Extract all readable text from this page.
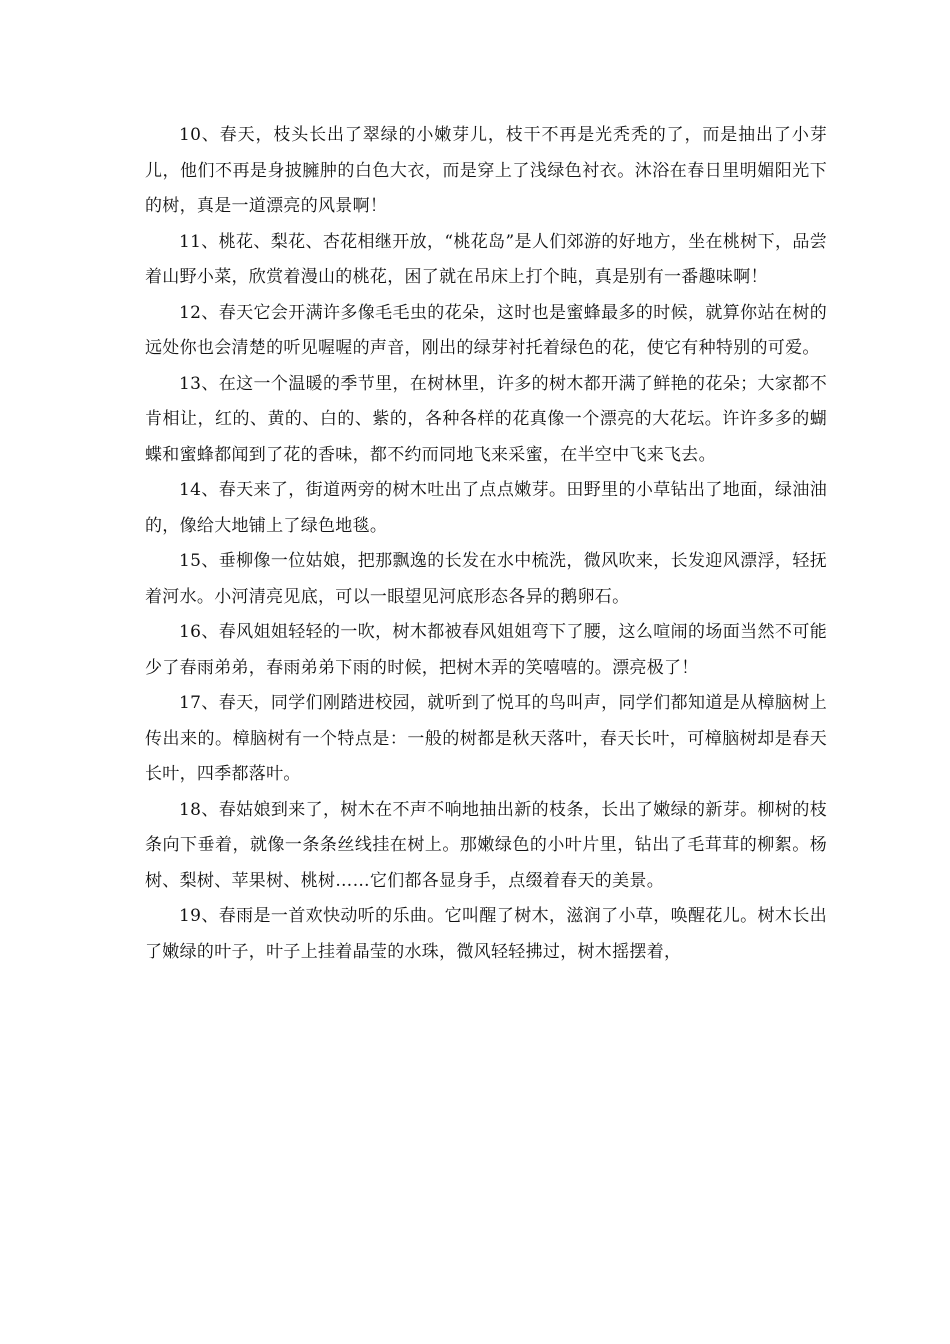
10、春天，枝头长出了翠绿的小嫩芽儿，枝干不再是光秃秃的了，而是抽出了小芽儿，他们不再是身披臃肿的白色大衣，而是穿上了浅绿色衬衣。沐浴在春日里明媚阳光下的树，真是一道漂亮的风景啊！

11、桃花、梨花、杏花相继开放，“桃花岛”是人们郊游的好地方，坐在桃树下，品尝着山野小菜，欣赏着漫山的桃花，困了就在吊床上打个盹，真是别有一番趣味啊！

12、春天它会开满许多像毛毛虫的花朵，这时也是蜜蜂最多的时候，就算你站在树的远处你也会清楚的听见喔喔的声音，刚出的绿芽衬托着绿色的花，使它有种特别的可爱。

13、在这一个温暖的季节里，在树林里，许多的树木都开满了鲜艳的花朵；大家都不肯相让，红的、黄的、白的、紫的，各种各样的花真像一个漂亮的大花坛。许许多多的蝴蝶和蜜蜂都闻到了花的香味，都不约而同地飞来采蜜，在半空中飞来飞去。

14、春天来了，街道两旁的树木吐出了点点嫩芽。田野里的小草钻出了地面，绿油油的，像给大地铺上了绿色地毯。

15、垂柳像一位姑娘，把那飘逸的长发在水中梳洗，微风吹来，长发迎风漂浮，轻抚着河水。小河清亮见底，可以一眼望见河底形态各异的鹅卵石。

16、春风姐姐轻轻的一吹，树木都被春风姐姐弯下了腰，这么喧闹的场面当然不可能少了春雨弟弟，春雨弟弟下雨的时候，把树木弄的笑嘻嘻的。漂亮极了！

17、春天，同学们刚踏进校园，就听到了悦耳的鸟叫声，同学们都知道是从樟脑树上传出来的。樟脑树有一个特点是：一般的树都是秋天落叶，春天长叶，可樟脑树却是春天长叶，四季都落叶。

18、春姑娘到来了，树木在不声不响地抽出新的枝条，长出了嫩绿的新芽。柳树的枝条向下垂着，就像一条条丝线挂在树上。那嫩绿色的小叶片里，钻出了毛茸茸的柳絮。杨树、梨树、苹果树、桃树……它们都各显身手，点缀着春天的美景。

19、春雨是一首欢快动听的乐曲。它叫醒了树木，滋润了小草，唤醒花儿。树木长出了嫩绿的叶子，叶子上挂着晶莹的水珠，微风轻轻拂过，树木摇摆着，
